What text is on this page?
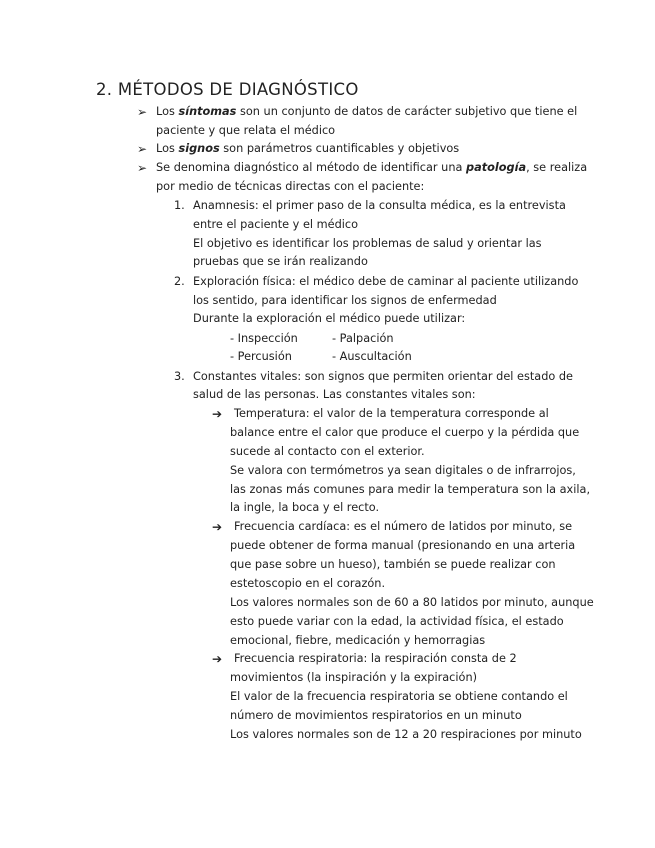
2. MÉTODOS DE DIAGNÓSTICO
➢ Los síntomas son un conjunto de datos de carácter subjetivo que tiene el
paciente y que relata el médico
➢ Los signos son parámetros cuantificables y objetivos
➢ Se denomina diagnóstico al método de identificar una patología, se realiza
por medio de técnicas directas con el paciente:
1. Anamnesis: el primer paso de la consulta médica, es la entrevista
entre el paciente y el médico
El objetivo es identificar los problemas de salud y orientar las
pruebas que se irán realizando
2. Exploración física: el médico debe de caminar al paciente utilizando
los sentido, para identificar los signos de enfermedad
Durante la exploración el médico puede utilizar:
- Inspección	- Palpación
- Percusión	- Auscultación
3. Constantes vitales: son signos que permiten orientar del estado de
salud de las personas. Las constantes vitales son:
➔ Temperatura: el valor de la temperatura corresponde al
balance entre el calor que produce el cuerpo y la pérdida que
sucede al contacto con el exterior.
Se valora con termómetros ya sean digitales o de infrarrojos,
las zonas más comunes para medir la temperatura son la axila,
la ingle, la boca y el recto.
➔ Frecuencia cardíaca: es el número de latidos por minuto, se
puede obtener de forma manual (presionando en una arteria
que pase sobre un hueso), también se puede realizar con
estetoscopio en el corazón.
Los valores normales son de 60 a 80 latidos por minuto, aunque
esto puede variar con la edad, la actividad física, el estado
emocional, fiebre, medicación y hemorragias
➔ Frecuencia respiratoria: la respiración consta de 2
movimientos (la inspiración y la expiración)
El valor de la frecuencia respiratoria se obtiene contando el
número de movimientos respiratorios en un minuto
Los valores normales son de 12 a 20 respiraciones por minuto
